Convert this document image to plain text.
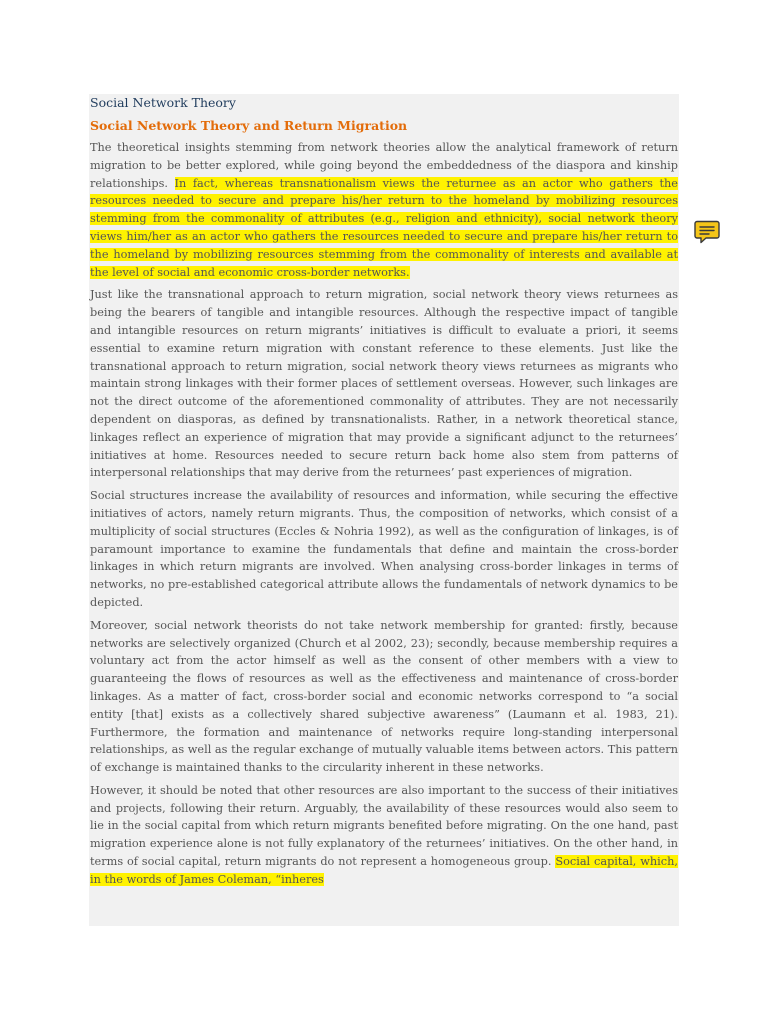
Social Network Theory
Social Network Theory and Return Migration

The theoretical insights stemming from network theories allow the analytical framework of return migration to be better explored, while going beyond the embeddedness of the diaspora and kinship relationships. In fact, whereas transnationalism views the returnee as an actor who gathers the resources needed to secure and prepare his/her return to the homeland by mobilizing resources stemming from the commonality of attributes (e.g., religion and ethnicity), social network theory views him/her as an actor who gathers the resources needed to secure and prepare his/her return to the homeland by mobilizing resources stemming from the commonality of interests and available at the level of social and economic cross-border networks.

Just like the transnational approach to return migration, social network theory views returnees as being the bearers of tangible and intangible resources. Although the respective impact of tangible and intangible resources on return migrants’ initiatives is difficult to evaluate a priori, it seems essential to examine return migration with constant reference to these elements. Just like the transnational approach to return migration, social network theory views returnees as migrants who maintain strong linkages with their former places of settlement overseas. However, such linkages are not the direct outcome of the aforementioned commonality of attributes. They are not necessarily dependent on diasporas, as defined by transnationalists. Rather, in a network theoretical stance, linkages reflect an experience of migration that may provide a significant adjunct to the returnees’ initiatives at home. Resources needed to secure return back home also stem from patterns of interpersonal relationships that may derive from the returnees’ past experiences of migration.

Social structures increase the availability of resources and information, while securing the effective initiatives of actors, namely return migrants. Thus, the composition of networks, which consist of a multiplicity of social structures (Eccles & Nohria 1992), as well as the configuration of linkages, is of paramount importance to examine the fundamentals that define and maintain the cross-border linkages in which return migrants are involved. When analysing cross-border linkages in terms of networks, no pre-established categorical attribute allows the fundamentals of network dynamics to be depicted.

Moreover, social network theorists do not take network membership for granted: firstly, because networks are selectively organized (Church et al 2002, 23); secondly, because membership requires a voluntary act from the actor himself as well as the consent of other members with a view to guaranteeing the flows of resources as well as the effectiveness and maintenance of cross-border linkages. As a matter of fact, cross-border social and economic networks correspond to “a social entity [that] exists as a collectively shared subjective awareness” (Laumann et al. 1983, 21). Furthermore, the formation and maintenance of networks require long-standing interpersonal relationships, as well as the regular exchange of mutually valuable items between actors. This pattern of exchange is maintained thanks to the circularity inherent in these networks.

However, it should be noted that other resources are also important to the success of their initiatives and projects, following their return. Arguably, the availability of these resources would also seem to lie in the social capital from which return migrants benefited before migrating. On the one hand, past migration experience alone is not fully explanatory of the returnees’ initiatives. On the other hand, in terms of social capital, return migrants do not represent a homogeneous group. Social capital, which, in the words of James Coleman, “inheres
